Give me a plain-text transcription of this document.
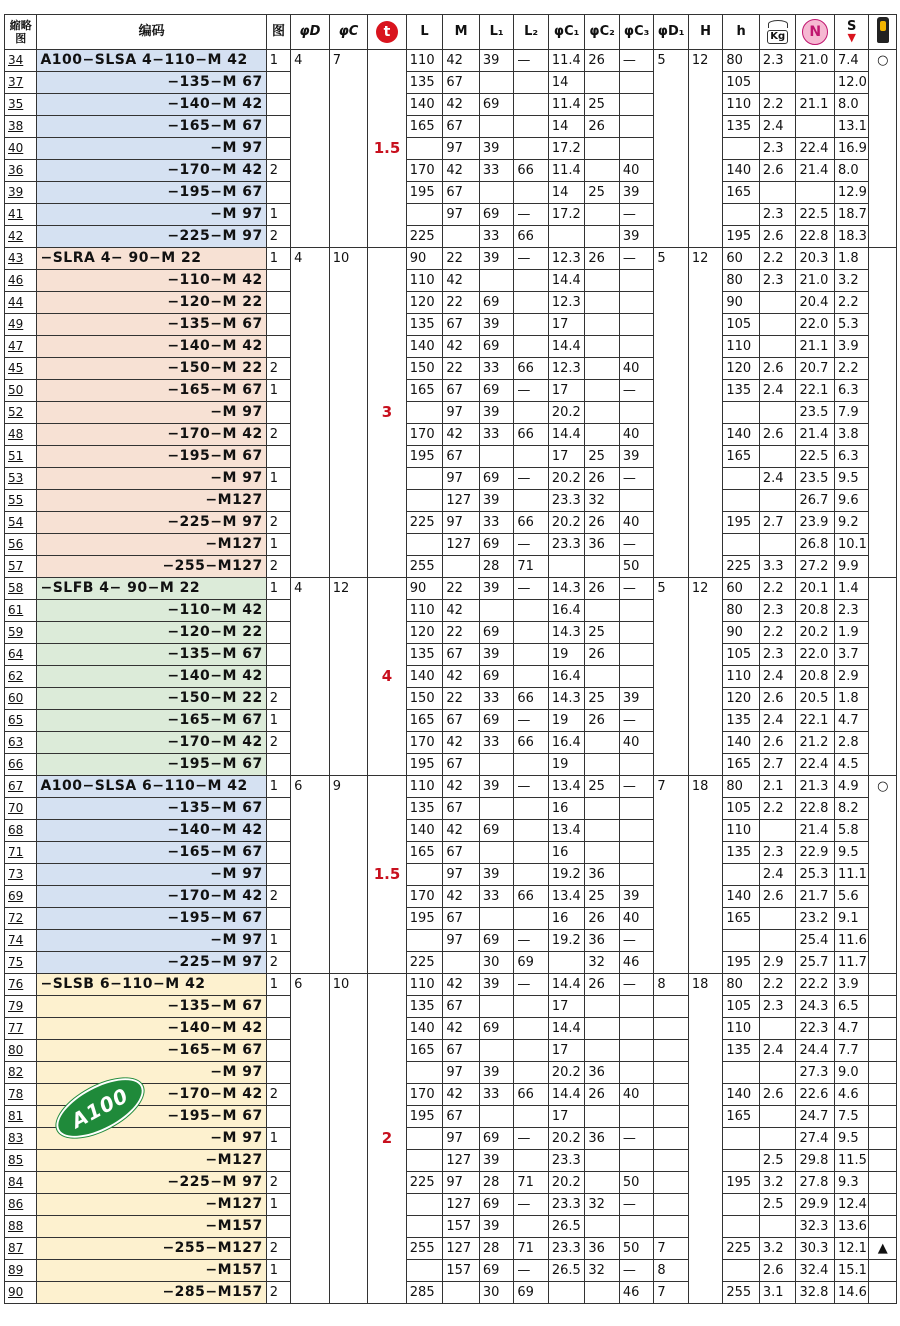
縮略图	编码	图	φD	φC	t	L	M	L₁	L₂	φC₁	φC₂	φC₃	φD₁	H	h	Kg	N	S
▼	

34	A100−SLSA 4−110−M 42	1	4	7	1.5	110	42	39	—	11.4	26	—	5	12	80	2.3	21.0	7.4	○
37	−135−M 67					135	67			14					105			12.0	
35	−140−M 42					140	42	69		11.4	25				110	2.2	21.1	8.0	
38	−165−M 67					165	67			14	26				135	2.4		13.1	
40	−M 97						97	39		17.2						2.3	22.4	16.9	
36	−170−M 42	2				170	42	33	66	11.4		40			140	2.6	21.4	8.0	
39	−195−M 67					195	67			14	25	39			165			12.9	
41	−M 97	1					97	69	—	17.2		—				2.3	22.5	18.7	
42	−225−M 97	2				225		33	66			39			195	2.6	22.8	18.3	
43	−SLRA 4− 90−M 22	1	4	10	3	90	22	39	—	12.3	26	—	5	12	60	2.2	20.3	1.8	
46	−110−M 42					110	42			14.4					80	2.3	21.0	3.2	
44	−120−M 22					120	22	69		12.3					90		20.4	2.2	
49	−135−M 67					135	67	39		17					105		22.0	5.3	
47	−140−M 42					140	42	69		14.4					110		21.1	3.9	
45	−150−M 22	2				150	22	33	66	12.3		40			120	2.6	20.7	2.2	
50	−165−M 67	1				165	67	69	—	17		—			135	2.4	22.1	6.3	
52	−M 97						97	39		20.2							23.5	7.9	
48	−170−M 42	2				170	42	33	66	14.4		40			140	2.6	21.4	3.8	
51	−195−M 67					195	67			17	25	39			165		22.5	6.3	
53	−M 97	1					97	69	—	20.2	26	—				2.4	23.5	9.5	
55	−M127						127	39		23.3	32						26.7	9.6	
54	−225−M 97	2				225	97	33	66	20.2	26	40			195	2.7	23.9	9.2	
56	−M127	1					127	69	—	23.3	36	—					26.8	10.1	
57	−255−M127	2				255		28	71			50			225	3.3	27.2	9.9	
58	−SLFB 4− 90−M 22	1	4	12	4	90	22	39	—	14.3	26	—	5	12	60	2.2	20.1	1.4	
61	−110−M 42					110	42			16.4					80	2.3	20.8	2.3	
59	−120−M 22					120	22	69		14.3	25				90	2.2	20.2	1.9	
64	−135−M 67					135	67	39		19	26				105	2.3	22.0	3.7	
62	−140−M 42					140	42	69		16.4					110	2.4	20.8	2.9	
60	−150−M 22	2				150	22	33	66	14.3	25	39			120	2.6	20.5	1.8	
65	−165−M 67	1				165	67	69	—	19	26	—			135	2.4	22.1	4.7	
63	−170−M 42	2				170	42	33	66	16.4		40			140	2.6	21.2	2.8	
66	−195−M 67					195	67			19					165	2.7	22.4	4.5	
67	A100−SLSA 6−110−M 42	1	6	9	1.5	110	42	39	—	13.4	25	—	7	18	80	2.1	21.3	4.9	○
70	−135−M 67					135	67			16					105	2.2	22.8	8.2	
68	−140−M 42					140	42	69		13.4					110		21.4	5.8	
71	−165−M 67					165	67			16					135	2.3	22.9	9.5	
73	−M 97						97	39		19.2	36					2.4	25.3	11.1	
69	−170−M 42	2				170	42	33	66	13.4	25	39			140	2.6	21.7	5.6	
72	−195−M 67					195	67			16	26	40			165		23.2	9.1	
74	−M 97	1					97	69	—	19.2	36	—					25.4	11.6	
75	−225−M 97	2				225		30	69		32	46			195	2.9	25.7	11.7	
76	−SLSB 6−110−M 42	1	6	10	2	110	42	39	—	14.4	26	—	8	18	80	2.2	22.2	3.9	
79	−135−M 67					135	67			17					105	2.3	24.3	6.5	
77	−140−M 42					140	42	69		14.4					110		22.3	4.7	
80	−165−M 67					165	67			17					135	2.4	24.4	7.7	
82	−M 97						97	39		20.2	36						27.3	9.0	
78	−170−M 42	2				170	42	33	66	14.4	26	40			140	2.6	22.6	4.6	
81	−195−M 67					195	67			17					165		24.7	7.5	
83	−M 97	1					97	69	—	20.2	36	—					27.4	9.5	
85	−M127						127	39		23.3						2.5	29.8	11.5	
84	−225−M 97	2				225	97	28	71	20.2		50			195	3.2	27.8	9.3	
86	−M127	1					127	69	—	23.3	32	—				2.5	29.9	12.4	
88	−M157						157	39		26.5							32.3	13.6	
87	−255−M127	2				255	127	28	71	23.3	36	50	7		225	3.2	30.3	12.1	▲
89	−M157	1					157	69	—	26.5	32	—	8			2.6	32.4	15.1	
90	−285−M157	2				285		30	69			46	7		255	3.1	32.8	14.6	
A100
